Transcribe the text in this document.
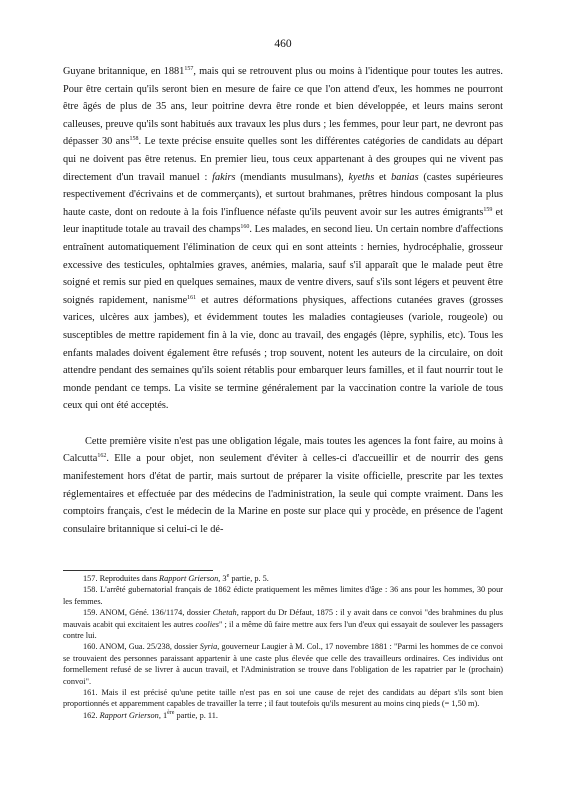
460

Guyane britannique, en 1881$^{157}$, mais qui se retrouvent plus ou moins à l'identique pour toutes les autres. Pour être certain qu'ils seront bien en mesure de faire ce que l'on attend d'eux, les hommes ne pourront être âgés de plus de 35 ans, leur poitrine devra être ronde et bien développée, et leurs mains seront calleuses, preuve qu'ils sont habitués aux travaux les plus durs ; les femmes, pour leur part, ne devront pas dépasser 30 ans$^{158}$. Le texte précise ensuite quelles sont les différentes catégories de candidats au départ qui ne doivent pas être retenus. En premier lieu, tous ceux appartenant à des groupes qui ne vivent pas directement d'un travail manuel : fakirs (mendiants musulmans), kyeths et banias (castes supérieures respectivement d'écrivains et de commerçants), et surtout brahmanes, prêtres hindous composant la plus haute caste, dont on redoute à la fois l'influence néfaste qu'ils peuvent avoir sur les autres émigrants$^{159}$ et leur inaptitude totale au travail des champs$^{160}$. Les malades, en second lieu. Un certain nombre d'affections entraînent automatiquement l'élimination de ceux qui en sont atteints : hernies, hydrocéphalie, grosseur excessive des testicules, ophtalmies graves, anémies, malaria, sauf s'il apparaît que le malade peut être soigné et remis sur pied en quelques semaines, maux de ventre divers, sauf s'ils sont légers et peuvent être soignés rapidement, nanisme$^{161}$ et autres déformations physiques, affections cutanées graves (grosses varices, ulcères aux jambes), et évidemment toutes les maladies contagieuses (variole, rougeole) ou susceptibles de mettre rapidement fin à la vie, donc au travail, des engagés (lèpre, syphilis, etc). Tous les enfants malades doivent également être refusés ; trop souvent, notent les auteurs de la circulaire, on doit attendre pendant des semaines qu'ils soient rétablis pour embarquer leurs familles, et il faut nourrir tout le monde pendant ce temps. La visite se termine généralement par la vaccination contre la variole de tous ceux qui ont été acceptés.

Cette première visite n'est pas une obligation légale, mais toutes les agences la font faire, au moins à Calcutta$^{162}$. Elle a pour objet, non seulement d'éviter à celles-ci d'accueillir et de nourrir des gens manifestement hors d'état de partir, mais surtout de préparer la visite officielle, prescrite par les textes réglementaires et effectuée par des médecins de l'administration, la seule qui compte vraiment. Dans les comptoirs français, c'est le médecin de la Marine en poste sur place qui y procède, en présence de l'agent consulaire britannique si celui-ci le dé-

157. Reproduites dans Rapport Grierson, 3e partie, p. 5.

158. L'arrêté gubernatorial français de 1862 édicte pratiquement les mêmes limites d'âge : 36 ans pour les hommes, 30 pour les femmes.

159. ANOM, Géné. 136/1174, dossier Chetah, rapport du Dr Défaut, 1875 : il y avait dans ce convoi "des brahmines du plus mauvais acabit qui excitaient les autres coolies" ; il a même dû faire mettre aux fers l'un d'eux qui essayait de soulever les passagers contre lui.

160. ANOM, Gua. 25/238, dossier Syria, gouverneur Laugier à M. Col., 17 novembre 1881 : "Parmi les hommes de ce convoi se trouvaient des personnes paraissant appartenir à une caste plus élevée que celle des travailleurs ordinaires. Ces individus ont formellement refusé de se livrer à aucun travail, et l'Administration se trouve dans l'obligation de les rapatrier par le (prochain) convoi".

161. Mais il est précisé qu'une petite taille n'est pas en soi une cause de rejet des candidats au départ s'ils sont bien proportionnés et apparemment capables de travailler la terre ; il faut toutefois qu'ils mesurent au moins cinq pieds (= 1,50 m).

162. Rapport Grierson, 1ère partie, p. 11.
